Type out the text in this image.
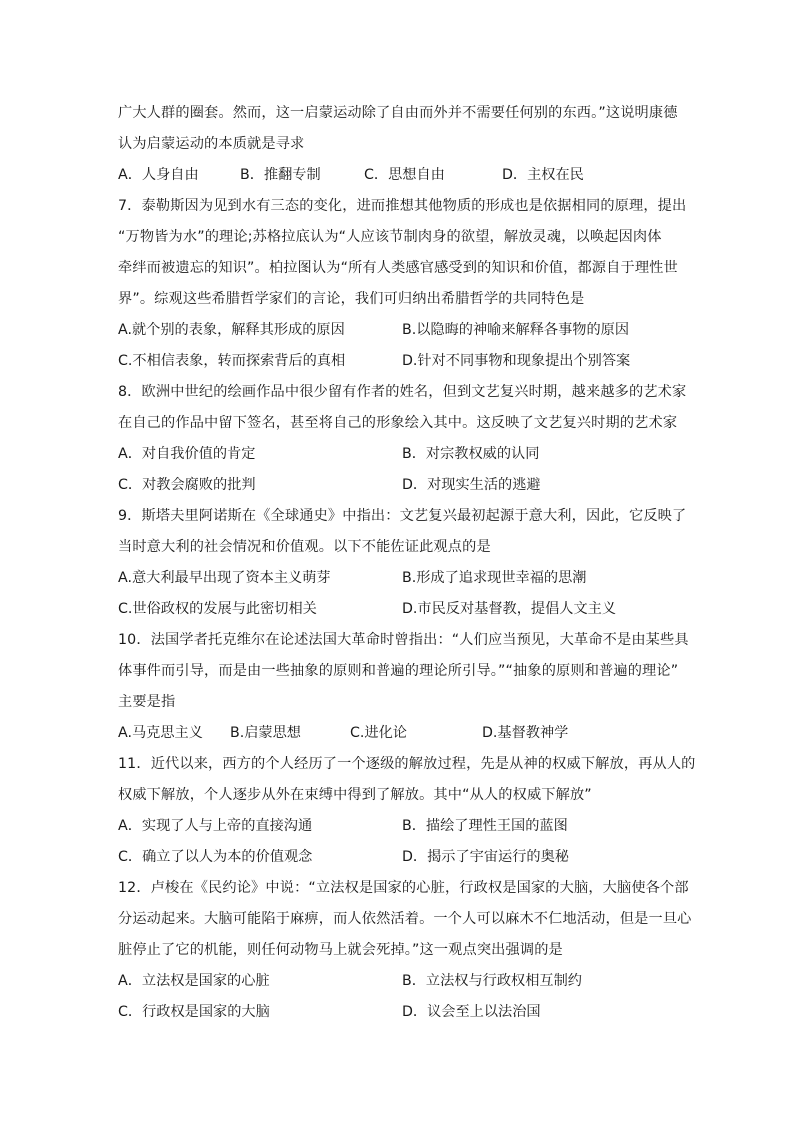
广大人群的圈套。然而，这一启蒙运动除了自由而外并不需要任何别的东西。”这说明康德
认为启蒙运动的本质就是寻求
A．人身自由	B．推翻专制	C．思想自由	D．主权在民
7．泰勒斯因为见到水有三态的变化，进而推想其他物质的形成也是依据相同的原理，提出
“万物皆为水”的理论;苏格拉底认为“人应该节制肉身的欲望，解放灵魂，以唤起因肉体
牵绊而被遗忘的知识”。柏拉图认为“所有人类感官感受到的知识和价值，都源自于理性世
界”。综观这些希腊哲学家们的言论，我们可归纳出希腊哲学的共同特色是
A.就个别的表象，解释其形成的原因	B.以隐晦的神喻来解释各事物的原因
C.不相信表象，转而探索背后的真相	D.针对不同事物和现象提出个别答案
8．欧洲中世纪的绘画作品中很少留有作者的姓名，但到文艺复兴时期，越来越多的艺术家
在自己的作品中留下签名，甚至将自己的形象绘入其中。这反映了文艺复兴时期的艺术家
A．对自我价值的肯定	B．对宗教权威的认同
C．对教会腐败的批判	D．对现实生活的逃避
9．斯塔夫里阿诺斯在《全球通史》中指出：文艺复兴最初起源于意大利，因此，它反映了
当时意大利的社会情况和价值观。以下不能佐证此观点的是
A.意大利最早出现了资本主义萌芽	B.形成了追求现世幸福的思潮
C.世俗政权的发展与此密切相关	D.市民反对基督教，提倡人文主义
10．法国学者托克维尔在论述法国大革命时曾指出：“人们应当预见，大革命不是由某些具
体事件而引导，而是由一些抽象的原则和普遍的理论所引导。”“抽象的原则和普遍的理论”
主要是指
A.马克思主义 B.启蒙思想	C.进化论	D.基督教神学
11．近代以来，西方的个人经历了一个逐级的解放过程，先是从神的权威下解放，再从人的
权威下解放，个人逐步从外在束缚中得到了解放。其中“从人的权威下解放”
A．实现了人与上帝的直接沟通	B．描绘了理性王国的蓝图
C．确立了以人为本的价值观念	D．揭示了宇宙运行的奥秘
12．卢梭在《民约论》中说：“立法权是国家的心脏，行政权是国家的大脑，大脑使各个部
分运动起来。大脑可能陷于麻痹，而人依然活着。一个人可以麻木不仁地活动，但是一旦心
脏停止了它的机能，则任何动物马上就会死掉。”这一观点突出强调的是
A．立法权是国家的心脏	B．立法权与行政权相互制约
C．行政权是国家的大脑	D．议会至上以法治国
